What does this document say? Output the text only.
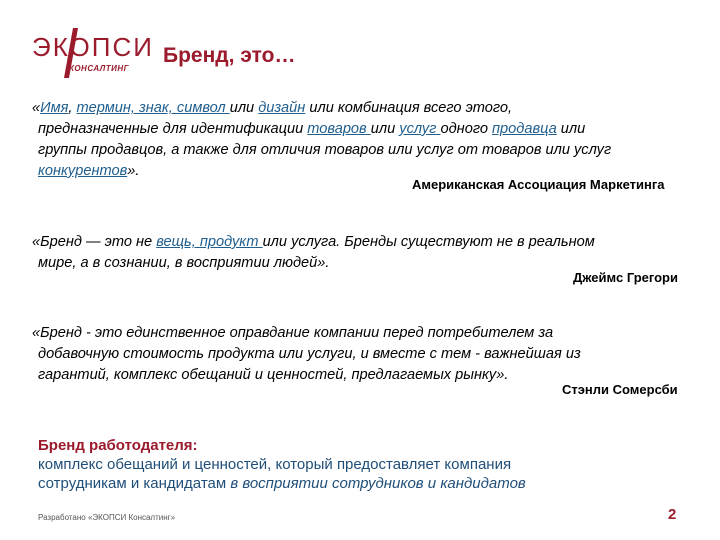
ЭКОПСИ
КОНСАЛТИНГ
Бренд, это…
«Имя, термин, знак, символ или дизайн или комбинация всего этого,
предназначенные для идентификации товаров или услуг одного продавца или
группы продавцов, а также для отличия товаров или услуг от товаров или услуг
конкурентов».
Американская Ассоциация Маркетинга
«Бренд — это не вещь, продукт или услуга. Бренды существуют не в реальном
мире, а в сознании, в восприятии людей».
Джеймс Грегори
«Бренд - это единственное оправдание компании перед потребителем за
добавочную стоимость продукта или услуги, и вместе с тем - важнейшая из
гарантий, комплекс обещаний и ценностей, предлагаемых рынку».
Стэнли Сомерсби
Бренд работодателя:
комплекс обещаний и ценностей, который предоставляет компания
сотрудникам и кандидатам в восприятии сотрудников и кандидатов
Разработано «ЭКОПСИ Консалтинг»	2
